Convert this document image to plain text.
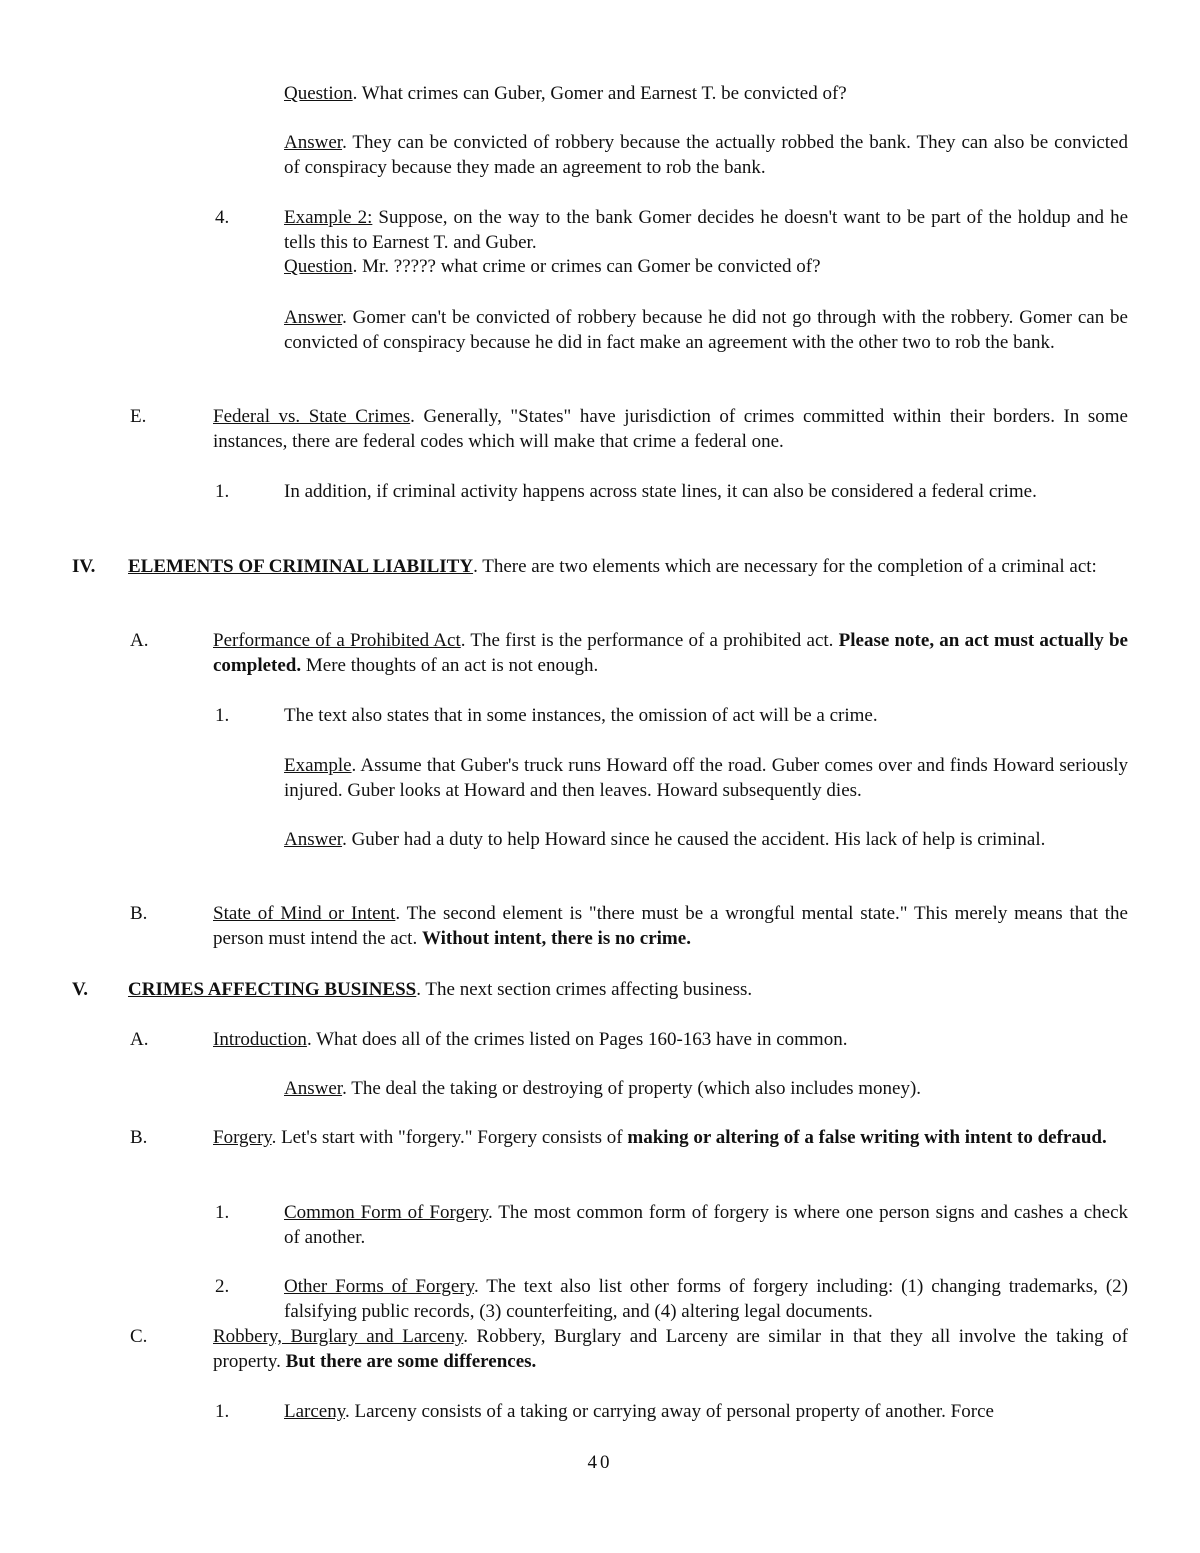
Question. What crimes can Guber, Gomer and Earnest T. be convicted of?

Answer. They can be convicted of robbery because the actually robbed the bank. They can also be convicted of conspiracy because they made an agreement to rob the bank.

4.	Example 2: Suppose, on the way to the bank Gomer decides he doesn't want to be part of the holdup and he tells this to Earnest T. and Guber.

Question. Mr. ????? what crime or crimes can Gomer be convicted of?

Answer. Gomer can't be convicted of robbery because he did not go through with the robbery. Gomer can be convicted of conspiracy because he did in fact make an agreement with the other two to rob the bank.

E.	Federal vs. State Crimes. Generally, "States" have jurisdiction of crimes committed within their borders. In some instances, there are federal codes which will make that crime a federal one.

1.	In addition, if criminal activity happens across state lines, it can also be considered a federal crime.

IV. ELEMENTS OF CRIMINAL LIABILITY. There are two elements which are necessary for the completion of a criminal act:

A.	Performance of a Prohibited Act. The first is the performance of a prohibited act. Please note, an act must actually be completed. Mere thoughts of an act is not enough.

1.	The text also states that in some instances, the omission of act will be a crime.

Example. Assume that Guber's truck runs Howard off the road. Guber comes over and finds Howard seriously injured. Guber looks at Howard and then leaves. Howard subsequently dies.

Answer. Guber had a duty to help Howard since he caused the accident. His lack of help is criminal.

B.	State of Mind or Intent. The second element is "there must be a wrongful mental state." This merely means that the person must intend the act. Without intent, there is no crime.

V. CRIMES AFFECTING BUSINESS. The next section crimes affecting business.

A.	Introduction. What does all of the crimes listed on Pages 160-163 have in common.

Answer. The deal the taking or destroying of property (which also includes money).

B.	Forgery. Let's start with "forgery." Forgery consists of making or altering of a false writing with intent to defraud.

1.	Common Form of Forgery. The most common form of forgery is where one person signs and cashes a check of another.

2.	Other Forms of Forgery. The text also list other forms of forgery including: (1) changing trademarks, (2) falsifying public records, (3) counterfeiting, and (4) altering legal documents.

C.	Robbery, Burglary and Larceny. Robbery, Burglary and Larceny are similar in that they all involve the taking of property. But there are some differences.

1.	Larceny. Larceny consists of a taking or carrying away of personal property of another. Force

40
